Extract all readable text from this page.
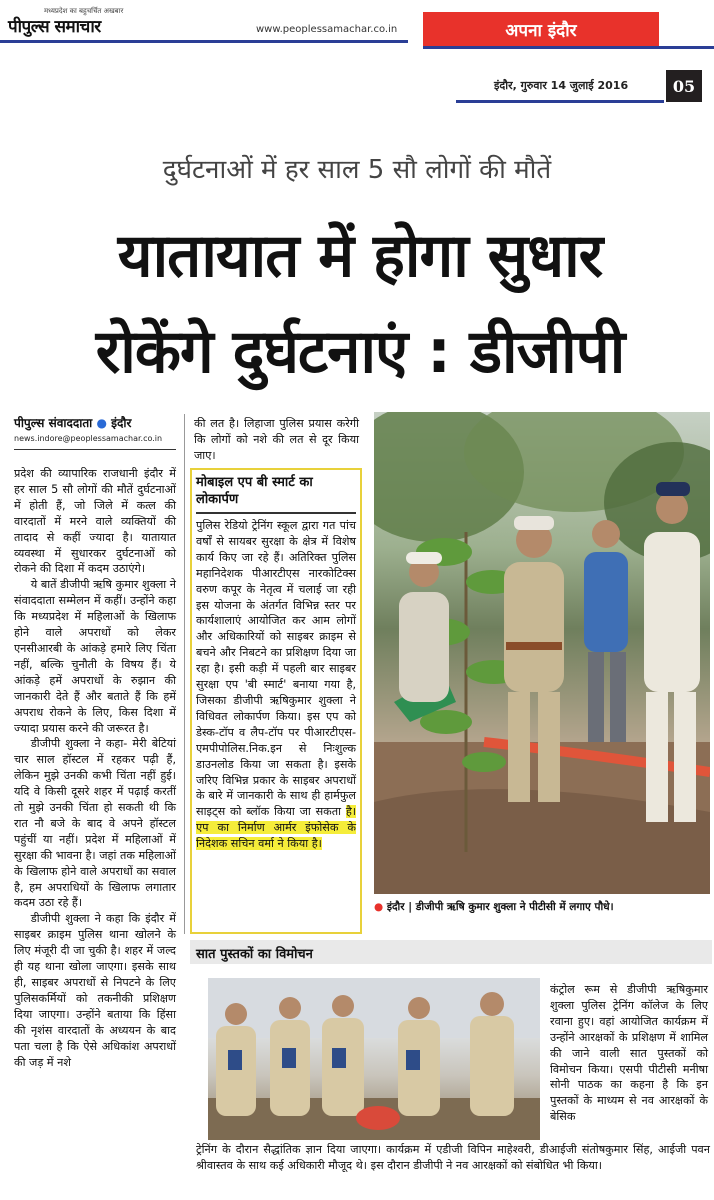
मध्यप्रदेश का बहुचर्चित अखबार
पीपुल्स समाचार	www.peoplessamachar.co.in	अपना इंदौर
इंदौर, गुरुवार 14 जुलाई 2016	05
दुर्घटनाओं में हर साल 5 सौ लोगों की मौतें
यातायात में होगा सुधार
रोकेंगे दुर्घटनाएं : डीजीपी
पीपुल्स संवाददाता ● इंदौर
news.indore@peoplessamachar.co.in

प्रदेश की व्यापारिक राजधानी इंदौर में हर साल 5 सौ लोगों की मौतें दुर्घटनाओं में होती हैं, जो जिले में कत्ल की वारदातों में मरने वाले व्यक्तियों की तादाद से कहीं ज्यादा है। यातायात व्यवस्था में सुधारकर दुर्घटनाओं को रोकने की दिशा में कदम उठाएंगे।

ये बातें डीजीपी ऋषि कुमार शुक्ला ने संवाददाता सम्मेलन में कहीं। उन्होंने कहा कि मध्यप्रदेश में महिलाओं के खिलाफ होने वाले अपराधों को लेकर एनसीआरबी के आंकड़े हमारे लिए चिंता नहीं, बल्कि चुनौती के विषय हैं। ये आंकड़े हमें अपराधों के रुझान की जानकारी देते हैं और बताते हैं कि हमें अपराध रोकने के लिए, किस दिशा में ज्यादा प्रयास करने की जरूरत है।

डीजीपी शुक्ला ने कहा- मेरी बेटियां चार साल हॉस्टल में रहकर पढ़ी हैं, लेकिन मुझे उनकी कभी चिंता नहीं हुई। यदि वे किसी दूसरे शहर में पढ़ाई करतीं तो मुझे उनकी चिंता हो सकती थी कि रात नौ बजे के बाद वे अपने हॉस्टल पहुंचीं या नहीं। प्रदेश में महिलाओं में सुरक्षा की भावना है। जहां तक महिलाओं के खिलाफ होने वाले अपराधों का सवाल है, हम अपराधियों के खिलाफ लगातार कदम उठा रहे हैं।

डीजीपी शुक्ला ने कहा कि इंदौर में साइबर क्राइम पुलिस थाना खोलने के लिए मंजूरी दी जा चुकी है। शहर में जल्द ही यह थाना खोला जाएगा। इसके साथ ही, साइबर अपराधों से निपटने के लिए पुलिसकर्मियों को तकनीकी प्रशिक्षण दिया जाएगा। उन्होंने बताया कि हिंसा की नृशंस वारदातों के अध्ययन के बाद पता चला है कि ऐसे अधिकांश अपराधों की जड़ में नशे

की लत है। लिहाजा पुलिस प्रयास करेगी कि लोगों को नशे की लत से दूर किया जाए।

मोबाइल एप बी स्मार्ट का लोकार्पण

पुलिस रेडियो ट्रेनिंग स्कूल द्वारा गत पांच वर्षों से सायबर सुरक्षा के क्षेत्र में विशेष कार्य किए जा रहे हैं। अतिरिक्त पुलिस महानिदेशक पीआरटीएस नारकोटिक्स वरुण कपूर के नेतृत्व में चलाई जा रही इस योजना के अंतर्गत विभिन्न स्तर पर कार्यशालाएं आयोजित कर आम लोगों और अधिकारियों को साइबर क्राइम से बचने और निबटने का प्रशिक्षण दिया जा रहा है। इसी कड़ी में पहली बार साइबर सुरक्षा एप 'बी स्मार्ट' बनाया गया है, जिसका डीजीपी ऋषिकुमार शुक्ला ने विधिवत लोकार्पण किया। इस एप को डेस्क-टॉप व लैप-टॉप पर पीआरटीएस-एमपीपोलिस.निक.इन से निःशुल्क डाउनलोड किया जा सकता है। इसके जरिए विभिन्न प्रकार के साइबर अपराधों के बारे में जानकारी के साथ ही हार्मफुल साइट्स को ब्लॉक किया जा सकता है। एप का निर्माण आर्मर इंफोसेक के निदेशक सचिन वर्मा ने किया है।

● इंदौर | डीजीपी ऋषि कुमार शुक्ला ने पीटीसी में लगाए पौधे।
सात पुस्तकों का विमोचन

कंट्रोल रूम से डीजीपी ऋषिकुमार शुक्ला पुलिस ट्रेनिंग कॉलेज के लिए रवाना हुए। वहां आयोजित कार्यक्रम में उन्होंने आरक्षकों के प्रशिक्षण में शामिल की जाने वाली सात पुस्तकों को विमोचन किया। एसपी पीटीसी मनीषा सोनी पाठक का कहना है कि इन पुस्तकों के माध्यम से नव आरक्षकों के बेसिक

ट्रेनिंग के दौरान सैद्धांतिक ज्ञान दिया जाएगा। कार्यक्रम में एडीजी विपिन माहेश्वरी, डीआईजी संतोषकुमार सिंह, आईजी पवन श्रीवास्तव के साथ कई अधिकारी मौजूद थे। इस दौरान डीजीपी ने नव आरक्षकों को संबोधित भी किया।
